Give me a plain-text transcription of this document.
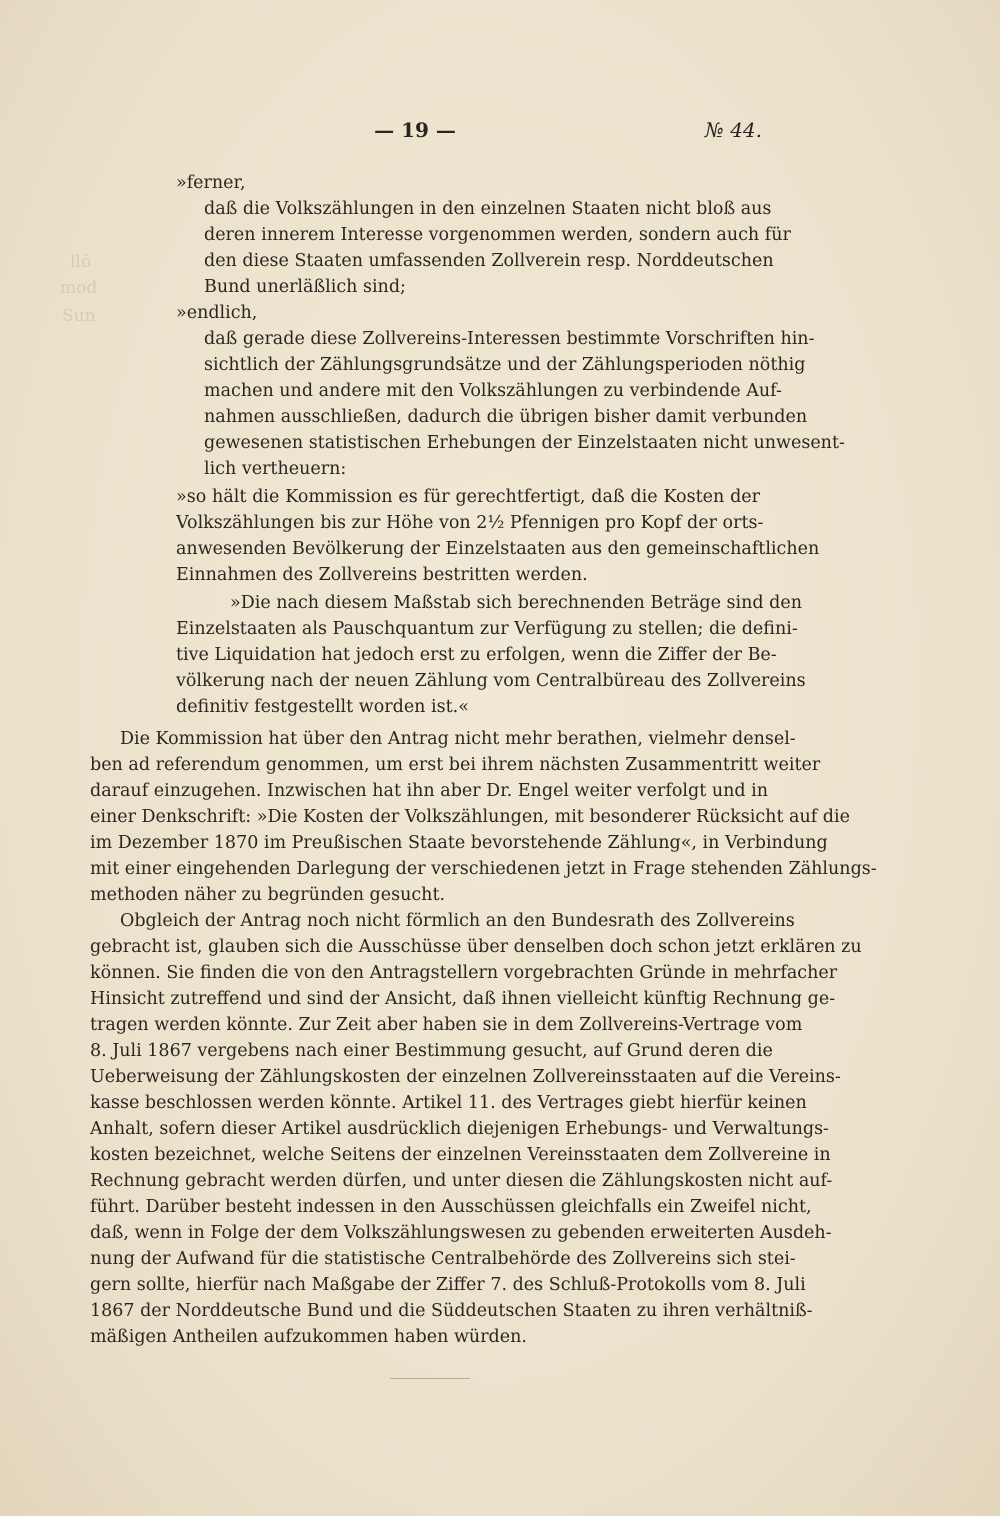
mod
Sun
llö
— 19 —	№ 44.
»ferner,
daß die Volkszählungen in den einzelnen Staaten nicht bloß aus
deren innerem Interesse vorgenommen werden, sondern auch für
den diese Staaten umfassenden Zollverein resp. Norddeutschen
Bund unerläßlich sind;
»endlich,
daß gerade diese Zollvereins-Interessen bestimmte Vorschriften hin-
sichtlich der Zählungsgrundsätze und der Zählungsperioden nöthig
machen und andere mit den Volkszählungen zu verbindende Auf-
nahmen ausschließen, dadurch die übrigen bisher damit verbunden
gewesenen statistischen Erhebungen der Einzelstaaten nicht unwesent-
lich vertheuern:
»so hält die Kommission es für gerechtfertigt, daß die Kosten der
Volkszählungen bis zur Höhe von 2½ Pfennigen pro Kopf der orts-
anwesenden Bevölkerung der Einzelstaaten aus den gemeinschaftlichen
Einnahmen des Zollvereins bestritten werden.
»Die nach diesem Maßstab sich berechnenden Beträge sind den
Einzelstaaten als Pauschquantum zur Verfügung zu stellen; die defini-
tive Liquidation hat jedoch erst zu erfolgen, wenn die Ziffer der Be-
völkerung nach der neuen Zählung vom Centralbüreau des Zollvereins
definitiv festgestellt worden ist.«
Die Kommission hat über den Antrag nicht mehr berathen, vielmehr densel-
ben ad referendum genommen, um erst bei ihrem nächsten Zusammentritt weiter
darauf einzugehen. Inzwischen hat ihn aber Dr. Engel weiter verfolgt und in
einer Denkschrift: »Die Kosten der Volkszählungen, mit besonderer Rücksicht auf die
im Dezember 1870 im Preußischen Staate bevorstehende Zählung«, in Verbindung
mit einer eingehenden Darlegung der verschiedenen jetzt in Frage stehenden Zählungs-
methoden näher zu begründen gesucht.
Obgleich der Antrag noch nicht förmlich an den Bundesrath des Zollvereins
gebracht ist, glauben sich die Ausschüsse über denselben doch schon jetzt erklären zu
können. Sie finden die von den Antragstellern vorgebrachten Gründe in mehrfacher
Hinsicht zutreffend und sind der Ansicht, daß ihnen vielleicht künftig Rechnung ge-
tragen werden könnte. Zur Zeit aber haben sie in dem Zollvereins-Vertrage vom
8. Juli 1867 vergebens nach einer Bestimmung gesucht, auf Grund deren die
Ueberweisung der Zählungskosten der einzelnen Zollvereinsstaaten auf die Vereins-
kasse beschlossen werden könnte. Artikel 11. des Vertrages giebt hierfür keinen
Anhalt, sofern dieser Artikel ausdrücklich diejenigen Erhebungs- und Verwaltungs-
kosten bezeichnet, welche Seitens der einzelnen Vereinsstaaten dem Zollvereine in
Rechnung gebracht werden dürfen, und unter diesen die Zählungskosten nicht auf-
führt. Darüber besteht indessen in den Ausschüssen gleichfalls ein Zweifel nicht,
daß, wenn in Folge der dem Volkszählungswesen zu gebenden erweiterten Ausdeh-
nung der Aufwand für die statistische Centralbehörde des Zollvereins sich stei-
gern sollte, hierfür nach Maßgabe der Ziffer 7. des Schluß-Protokolls vom 8. Juli
1867 der Norddeutsche Bund und die Süddeutschen Staaten zu ihren verhältniß-
mäßigen Antheilen aufzukommen haben würden.
